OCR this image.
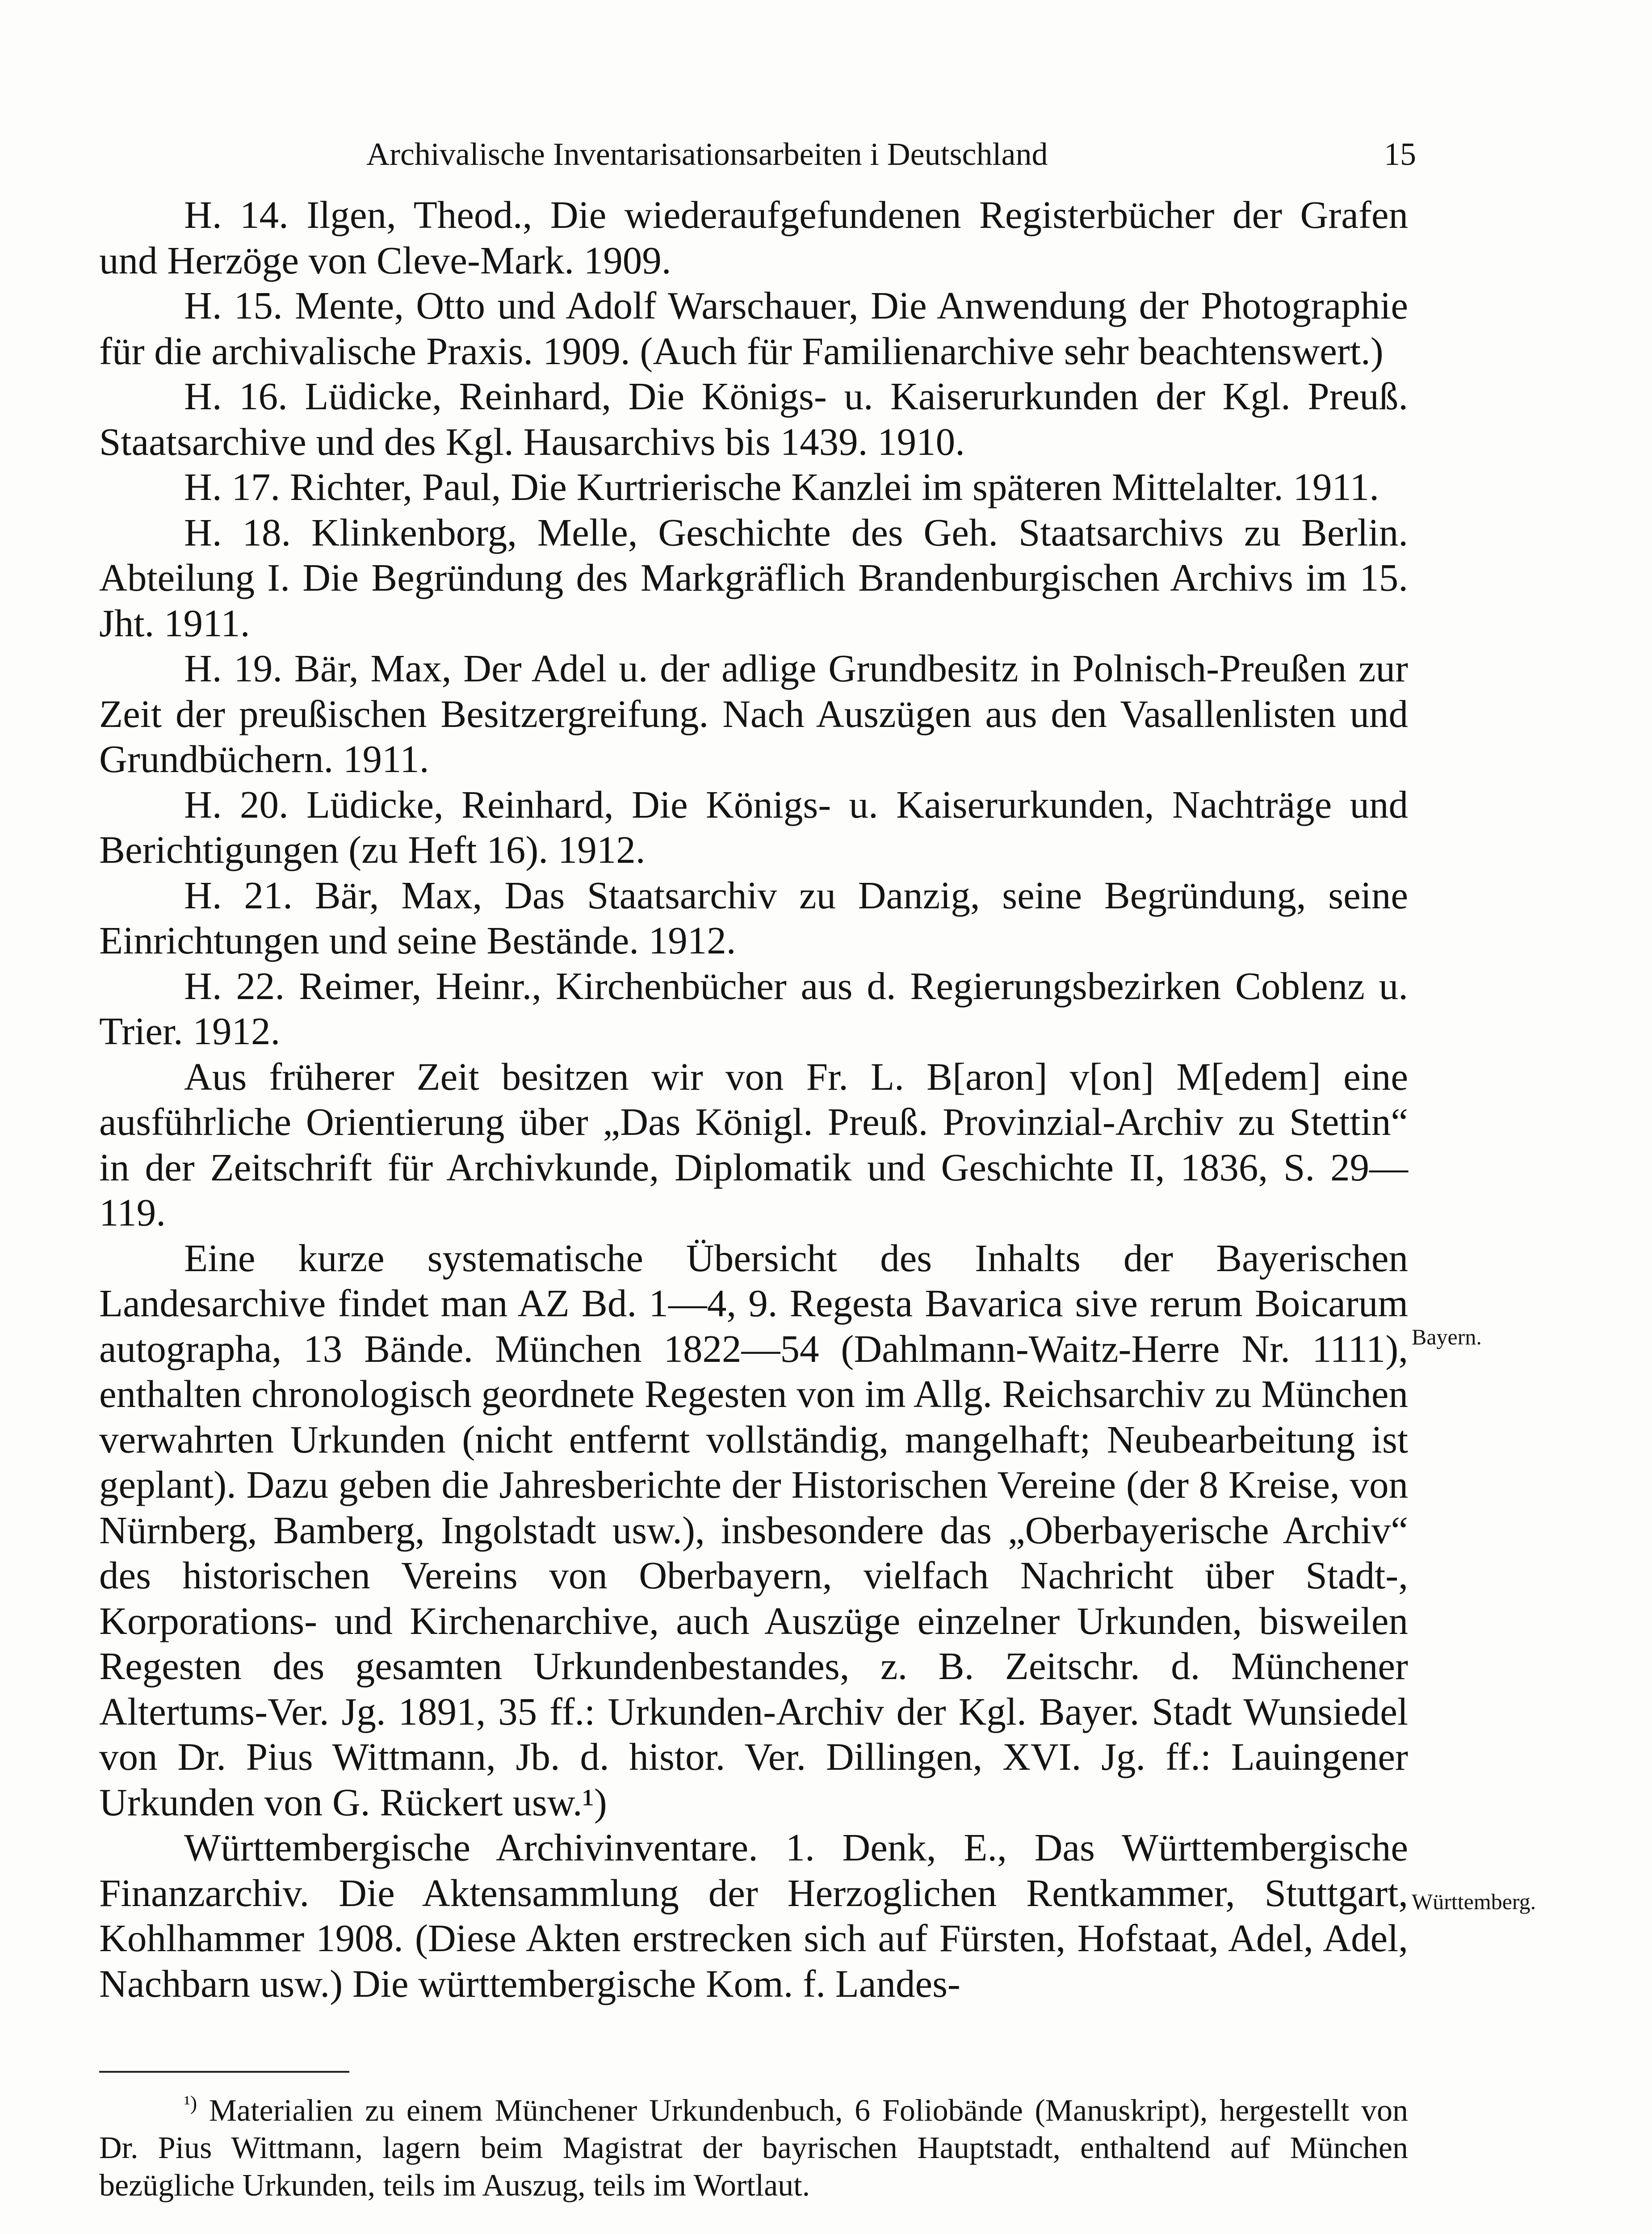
Archivalische Inventarisationsarbeiten i Deutschland	15

H. 14. Ilgen, Theod., Die wiederaufgefundenen Registerbücher der Grafen und Herzöge von Cleve-Mark. 1909.

H. 15. Mente, Otto und Adolf Warschauer, Die Anwendung der Photographie für die archivalische Praxis. 1909. (Auch für Familienarchive sehr beachtenswert.)

H. 16. Lüdicke, Reinhard, Die Königs- u. Kaiserurkunden der Kgl. Preuß. Staatsarchive und des Kgl. Hausarchivs bis 1439. 1910.

H. 17. Richter, Paul, Die Kurtrierische Kanzlei im späteren Mittelalter. 1911.

H. 18. Klinkenborg, Melle, Geschichte des Geh. Staatsarchivs zu Berlin. Abteilung I. Die Begründung des Markgräflich Brandenburgischen Archivs im 15. Jht. 1911.

H. 19. Bär, Max, Der Adel u. der adlige Grundbesitz in Polnisch-Preußen zur Zeit der preußischen Besitzergreifung. Nach Auszügen aus den Vasallenlisten und Grundbüchern. 1911.

H. 20. Lüdicke, Reinhard, Die Königs- u. Kaiserurkunden, Nachträge und Berichtigungen (zu Heft 16). 1912.

H. 21. Bär, Max, Das Staatsarchiv zu Danzig, seine Begründung, seine Einrichtungen und seine Bestände. 1912.

H. 22. Reimer, Heinr., Kirchenbücher aus d. Regierungsbezirken Coblenz u. Trier. 1912.

Aus früherer Zeit besitzen wir von Fr. L. B[aron] v[on] M[edem] eine ausführliche Orientierung über „Das Königl. Preuß. Provinzial-Archiv zu Stettin“ in der Zeitschrift für Archivkunde, Diplomatik und Geschichte II, 1836, S. 29—119.

Eine kurze systematische Übersicht des Inhalts der Bayerischen Landesarchive findet man AZ Bd. 1—4, 9. Regesta Bavarica sive rerum Boicarum autographa, 13 Bände. München 1822—54 (Dahlmann-Waitz-Herre Nr. 1111), enthalten chronologisch geordnete Regesten von im Allg. Reichsarchiv zu München verwahrten Urkunden (nicht entfernt vollständig, mangelhaft; Neubearbeitung ist geplant). Dazu geben die Jahresberichte der Historischen Vereine (der 8 Kreise, von Nürnberg, Bamberg, Ingolstadt usw.), insbesondere das „Oberbayerische Archiv“ des historischen Vereins von Oberbayern, vielfach Nachricht über Stadt-, Korporations- und Kirchenarchive, auch Auszüge einzelner Urkunden, bisweilen Regesten des gesamten Urkundenbestandes, z. B. Zeitschr. d. Münchener Altertums-Ver. Jg. 1891, 35 ff.: Urkunden-Archiv der Kgl. Bayer. Stadt Wunsiedel von Dr. Pius Wittmann, Jb. d. histor. Ver. Dillingen, XVI. Jg. ff.: Lauingener Urkunden von G. Rückert usw.¹)

Württembergische Archivinventare. 1. Denk, E., Das Württembergische Finanzarchiv. Die Aktensammlung der Herzoglichen Rentkammer, Stuttgart, Kohlhammer 1908. (Diese Akten erstrecken sich auf Fürsten, Hofstaat, Adel, Adel, Nachbarn usw.) Die württembergische Kom. f. Landes-

Bayern.
Württemberg.

$^{^1)}$ Materialien zu einem Münchener Urkundenbuch, 6 Foliobände (Manuskript), hergestellt von Dr. Pius Wittmann, lagern beim Magistrat der bayrischen Hauptstadt, enthaltend auf München bezügliche Urkunden, teils im Auszug, teils im Wortlaut.
